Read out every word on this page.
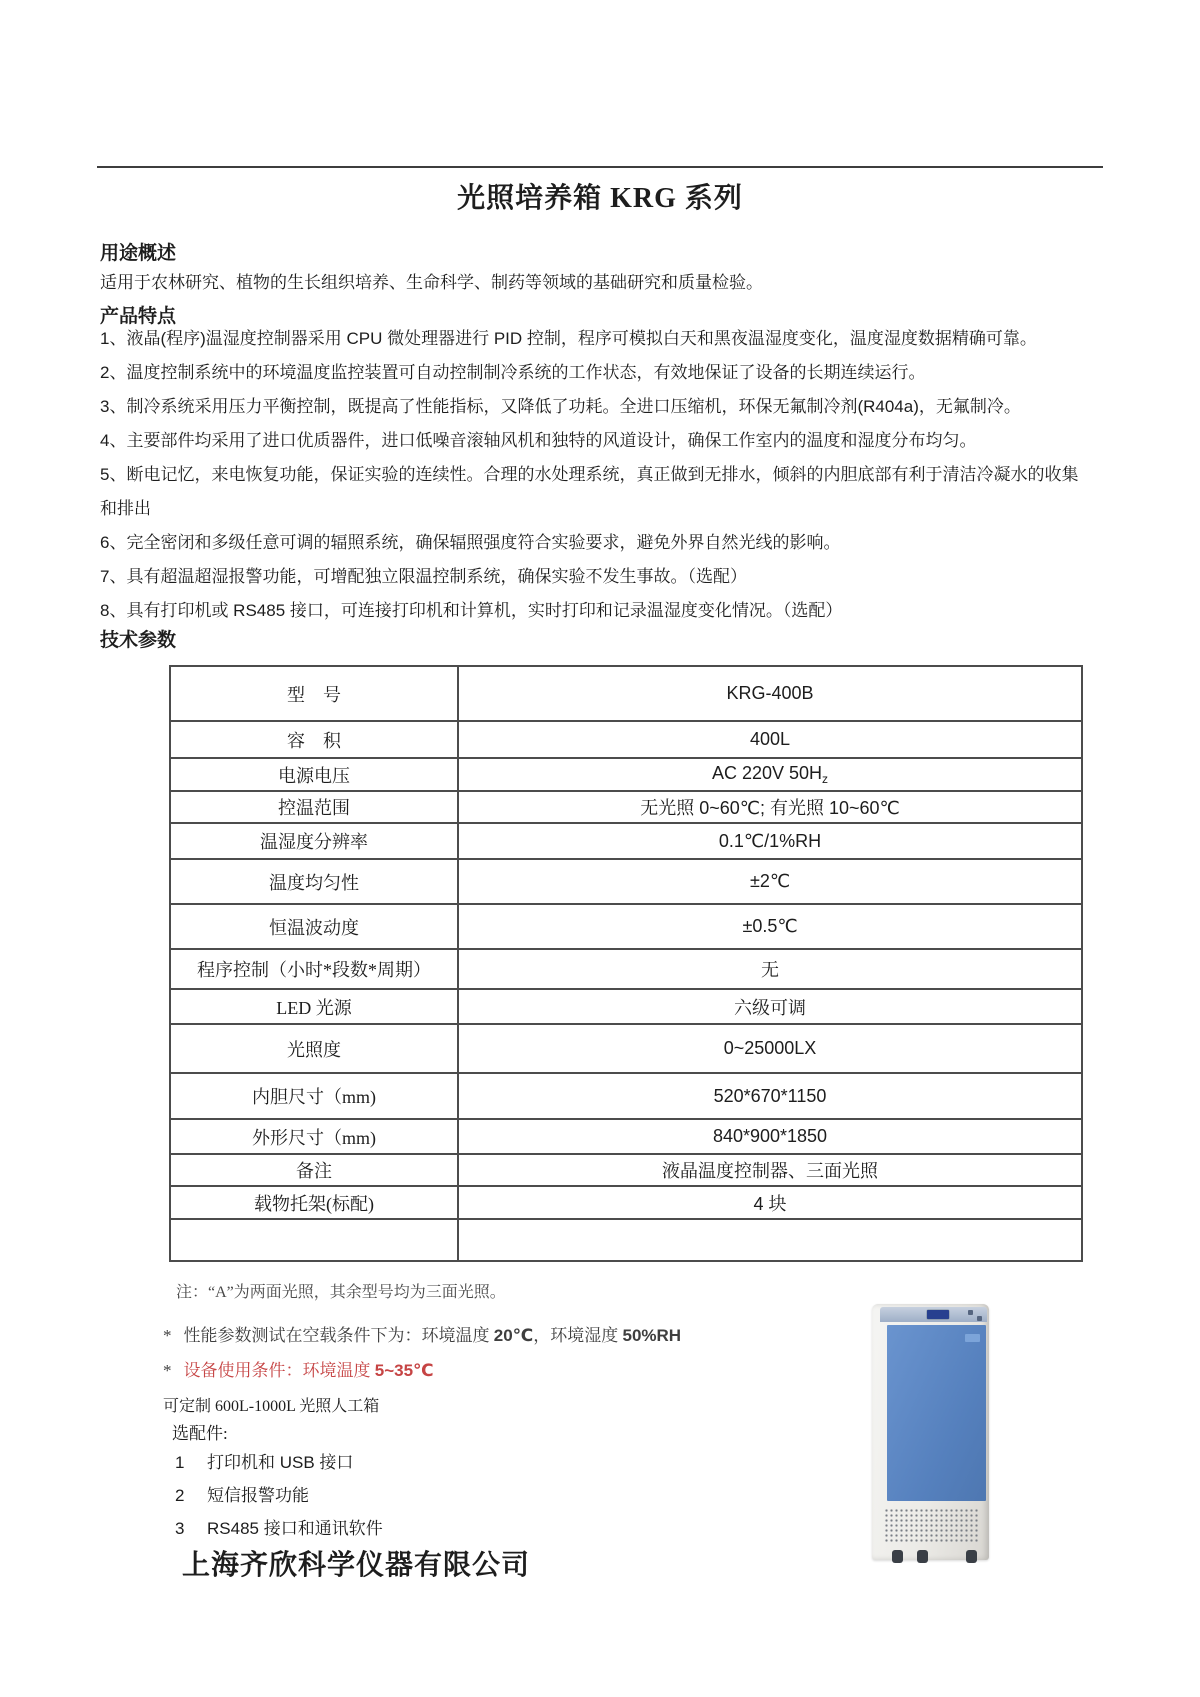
光照培养箱 KRG 系列
用途概述
适用于农林研究、植物的生长组织培养、生命科学、制药等领域的基础研究和质量检验。
产品特点
1、液晶(程序)温湿度控制器采用 CPU 微处理器进行 PID 控制，程序可模拟白天和黑夜温湿度变化，温度湿度数据精确可靠。
2、温度控制系统中的环境温度监控装置可自动控制制冷系统的工作状态，有效地保证了设备的长期连续运行。
3、制冷系统采用压力平衡控制，既提高了性能指标，又降低了功耗。全进口压缩机，环保无氟制冷剂(R404a)，无氟制冷。
4、主要部件均采用了进口优质器件，进口低噪音滚轴风机和独特的风道设计，确保工作室内的温度和湿度分布均匀。
5、断电记忆，来电恢复功能，保证实验的连续性。合理的水处理系统，真正做到无排水，倾斜的内胆底部有利于清洁冷凝水的收集
和排出
6、完全密闭和多级任意可调的辐照系统，确保辐照强度符合实验要求，避免外界自然光线的影响。
7、具有超温超湿报警功能，可增配独立限温控制系统，确保实验不发生事故。（选配）
8、具有打印机或 RS485 接口，可连接打印机和计算机，实时打印和记录温湿度变化情况。（选配）
技术参数
型　号	KRG-400B
容　积	400L
电源电压	AC 220V $50H_z$
控温范围	无光照 0~60℃; 有光照 10~60℃
温湿度分辨率	0.1℃/1%RH
温度均匀性	±2℃
恒温波动度	±0.5℃
程序控制（小时*段数*周期）	无
LED 光源	六级可调
光照度	0~25000LX
内胆尺寸（mm)	520*670*1150
外形尺寸（mm)	840*900*1850
备注	液晶温度控制器、三面光照
载物托架(标配)	4 块

注：“A”为两面光照，其余型号均为三面光照。
* 性能参数测试在空载条件下为：环境温度 20℃，环境湿度 50%RH
* 设备使用条件：环境温度 5~35℃
可定制 600L-1000L 光照人工箱
选配件:
1 打印机和 USB 接口
2 短信报警功能
3 RS485 接口和通讯软件
上海齐欣科学仪器有限公司
